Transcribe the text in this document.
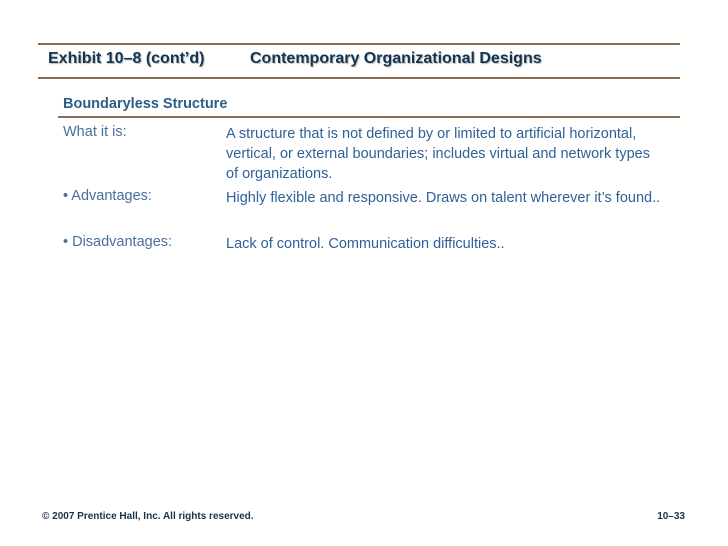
Exhibit 10–8 (cont’d)	Contemporary Organizational Designs
Boundaryless Structure
What it is:	A structure that is not defined by or limited to artificial horizontal, vertical, or external boundaries; includes virtual and network types of organizations.
• Advantages:	Highly flexible and responsive. Draws on talent wherever it’s found..
• Disadvantages:	Lack of control. Communication difficulties..
© 2007 Prentice Hall, Inc. All rights reserved.	10–33
